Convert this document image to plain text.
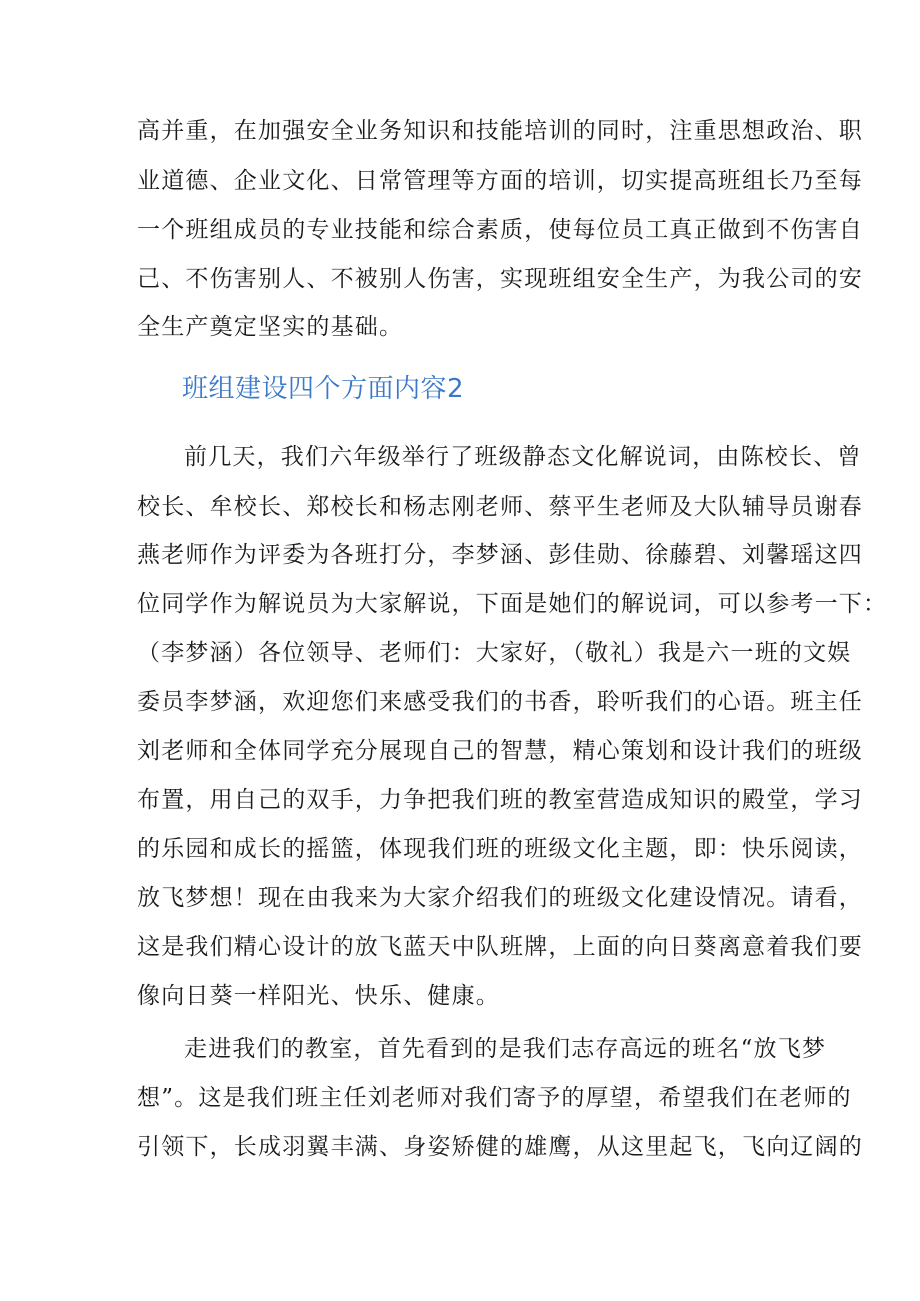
高并重，在加强安全业务知识和技能培训的同时，注重思想政治、职
业道德、企业文化、日常管理等方面的培训，切实提高班组长乃至每
一个班组成员的专业技能和综合素质，使每位员工真正做到不伤害自
己、不伤害别人、不被别人伤害，实现班组安全生产，为我公司的安
全生产奠定坚实的基础。
班组建设四个方面内容2
前几天，我们六年级举行了班级静态文化解说词，由陈校长、曾
校长、牟校长、郑校长和杨志刚老师、蔡平生老师及大队辅导员谢春
燕老师作为评委为各班打分，李梦涵、彭佳勋、徐藤碧、刘馨瑶这四
位同学作为解说员为大家解说，下面是她们的解说词，可以参考一下：
（李梦涵）各位领导、老师们：大家好，（敬礼）我是六一班的文娱
委员李梦涵，欢迎您们来感受我们的书香，聆听我们的心语。班主任
刘老师和全体同学充分展现自己的智慧，精心策划和设计我们的班级
布置，用自己的双手，力争把我们班的教室营造成知识的殿堂，学习
的乐园和成长的摇篮，体现我们班的班级文化主题，即：快乐阅读，
放飞梦想！现在由我来为大家介绍我们的班级文化建设情况。请看，
这是我们精心设计的放飞蓝天中队班牌，上面的向日葵离意着我们要
像向日葵一样阳光、快乐、健康。
走进我们的教室，首先看到的是我们志存高远的班名“放飞梦
想”。这是我们班主任刘老师对我们寄予的厚望，希望我们在老师的
引领下，长成羽翼丰满、身姿矫健的雄鹰，从这里起飞，飞向辽阔的
